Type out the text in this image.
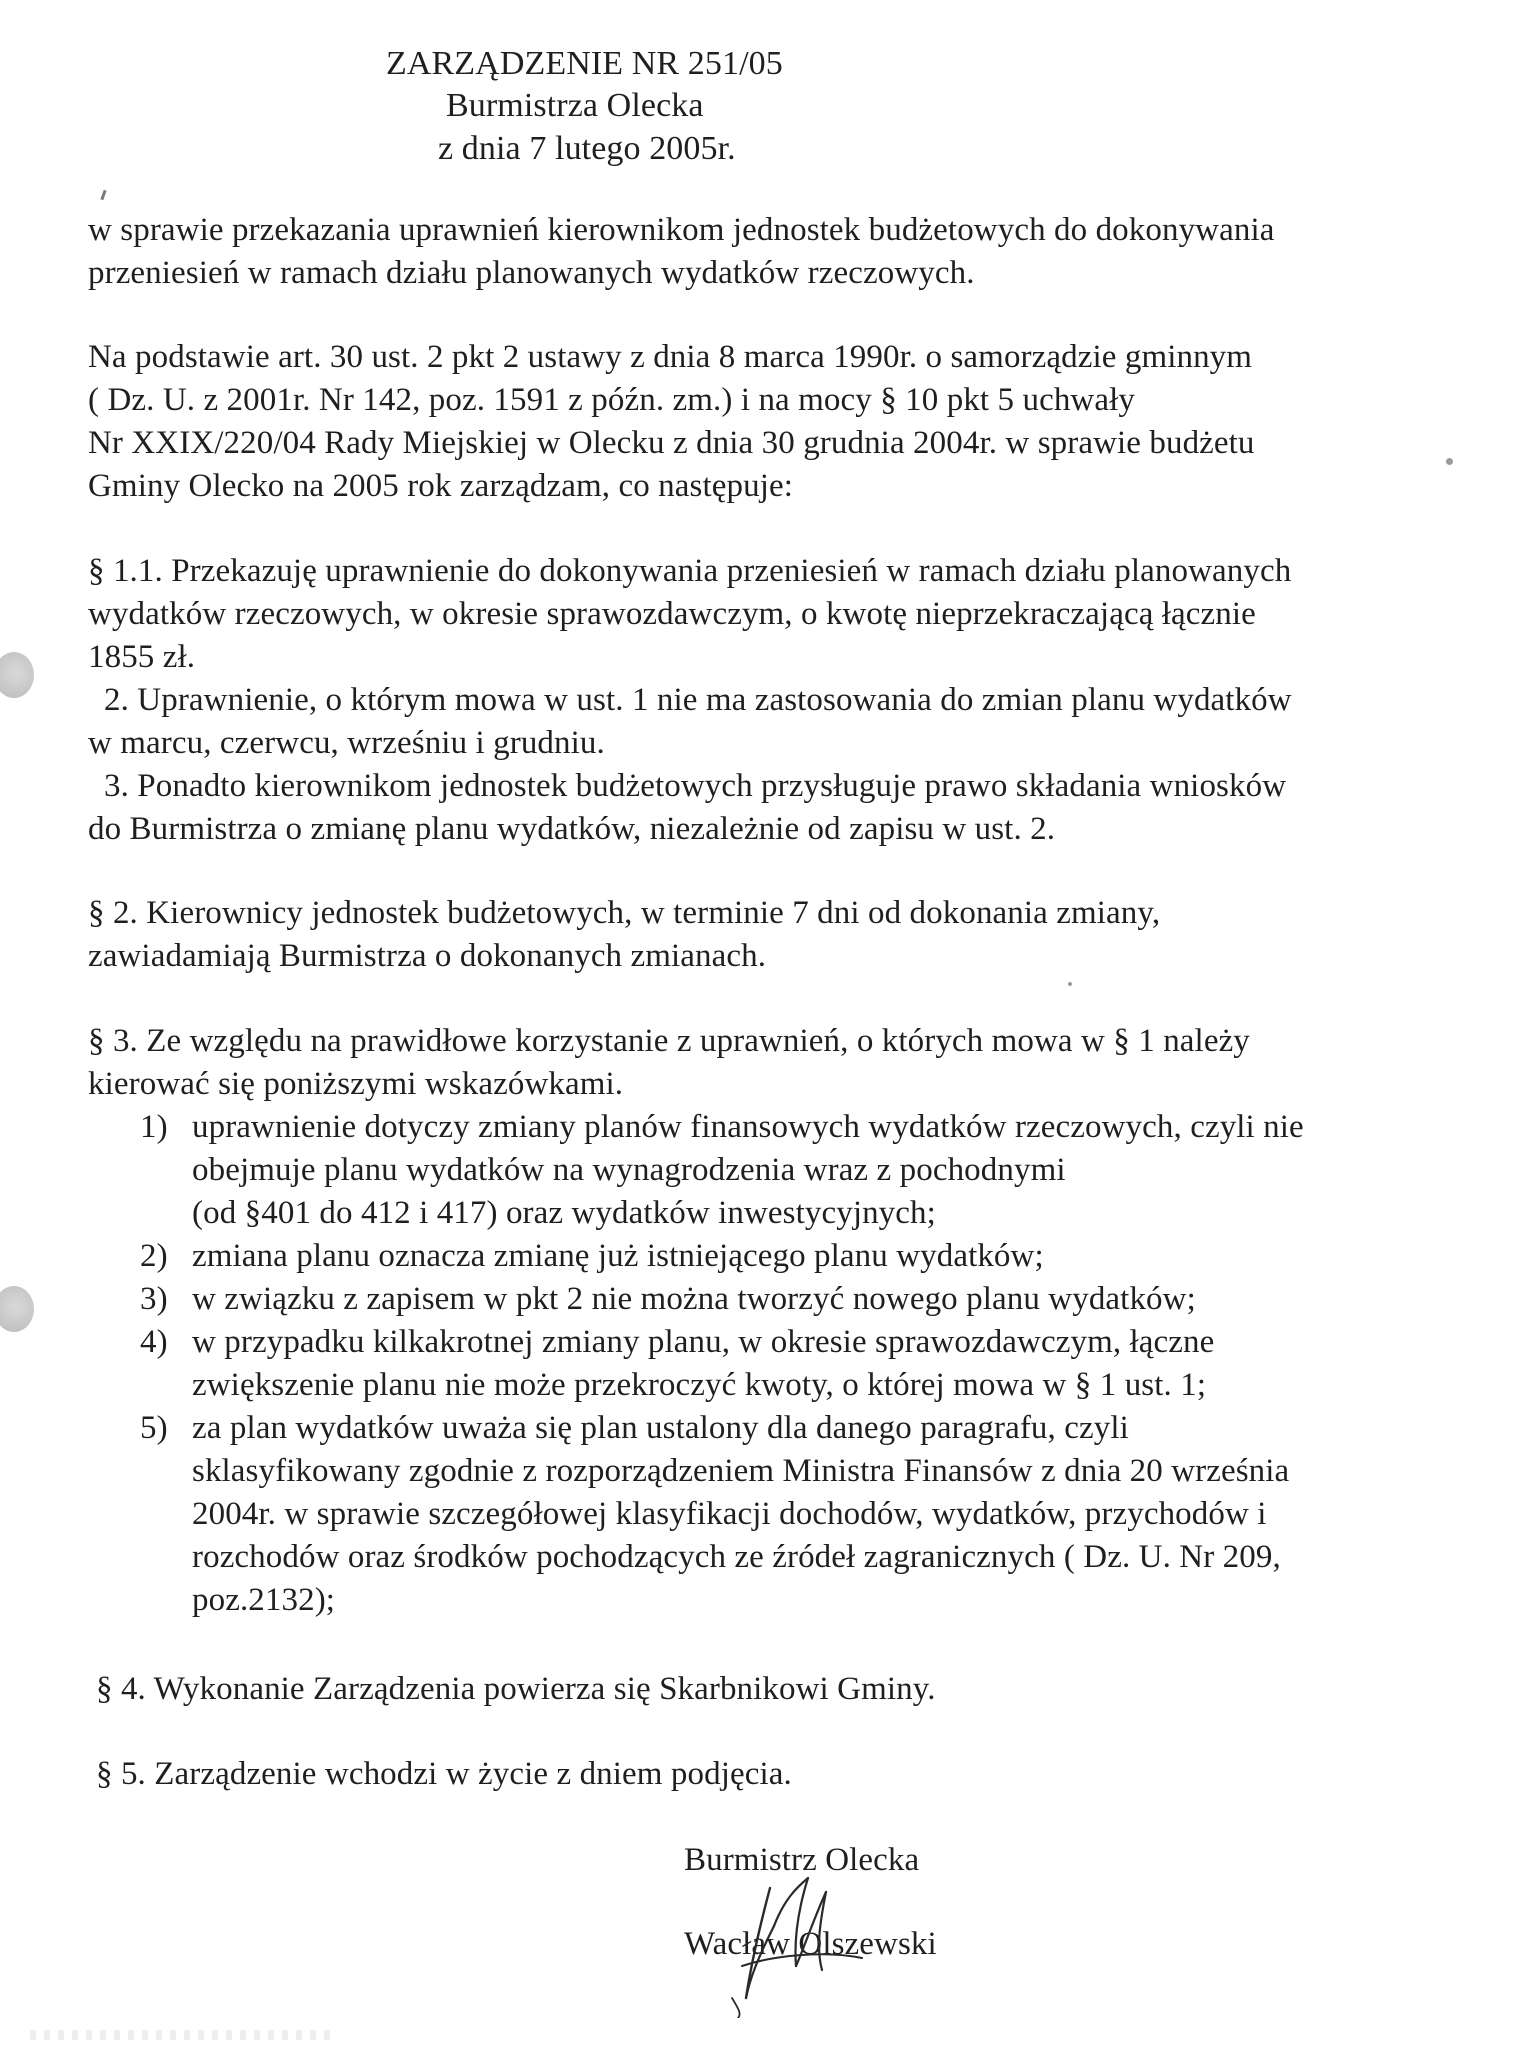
ZARZĄDZENIE NR 251/05
Burmistrza Olecka
z dnia 7 lutego 2005r.
w sprawie przekazania uprawnień kierownikom jednostek budżetowych do dokonywania
przeniesień w ramach działu planowanych wydatków rzeczowych.
Na podstawie art. 30 ust. 2 pkt 2 ustawy z dnia 8 marca 1990r. o samorządzie gminnym
( Dz. U. z 2001r. Nr 142, poz. 1591 z późn. zm.) i na mocy § 10 pkt 5 uchwały
Nr XXIX/220/04 Rady Miejskiej w Olecku z dnia 30 grudnia 2004r. w sprawie budżetu
Gminy Olecko na 2005 rok zarządzam, co następuje:
§ 1.1. Przekazuję uprawnienie do dokonywania przeniesień w ramach działu planowanych
wydatków rzeczowych, w okresie sprawozdawczym, o kwotę nieprzekraczającą łącznie
1855 zł.
2. Uprawnienie, o którym mowa w ust. 1 nie ma zastosowania do zmian planu wydatków
w marcu, czerwcu, wrześniu i grudniu.
3. Ponadto kierownikom jednostek budżetowych przysługuje prawo składania wniosków
do Burmistrza o zmianę planu wydatków, niezależnie od zapisu w ust. 2.
§ 2. Kierownicy jednostek budżetowych, w terminie 7 dni od dokonania zmiany,
zawiadamiają Burmistrza o dokonanych zmianach.
§ 3. Ze względu na prawidłowe korzystanie z uprawnień, o których mowa w § 1 należy
kierować się poniższymi wskazówkami.
1) uprawnienie dotyczy zmiany planów finansowych wydatków rzeczowych, czyli nie
obejmuje planu wydatków na wynagrodzenia wraz z pochodnymi
(od §401 do 412 i 417) oraz wydatków inwestycyjnych;
2) zmiana planu oznacza zmianę już istniejącego planu wydatków;
3) w związku z zapisem w pkt 2 nie można tworzyć nowego planu wydatków;
4) w przypadku kilkakrotnej zmiany planu, w okresie sprawozdawczym, łączne
zwiększenie planu nie może przekroczyć kwoty, o której mowa w § 1 ust. 1;
5) za plan wydatków uważa się plan ustalony dla danego paragrafu, czyli
sklasyfikowany zgodnie z rozporządzeniem Ministra Finansów z dnia 20 września
2004r. w sprawie szczegółowej klasyfikacji dochodów, wydatków, przychodów i
rozchodów oraz środków pochodzących ze źródeł zagranicznych ( Dz. U. Nr 209,
poz.2132);
§ 4. Wykonanie Zarządzenia powierza się Skarbnikowi Gminy.
§ 5. Zarządzenie wchodzi w życie z dniem podjęcia.
Burmistrz Olecka
Wacław Olszewski
